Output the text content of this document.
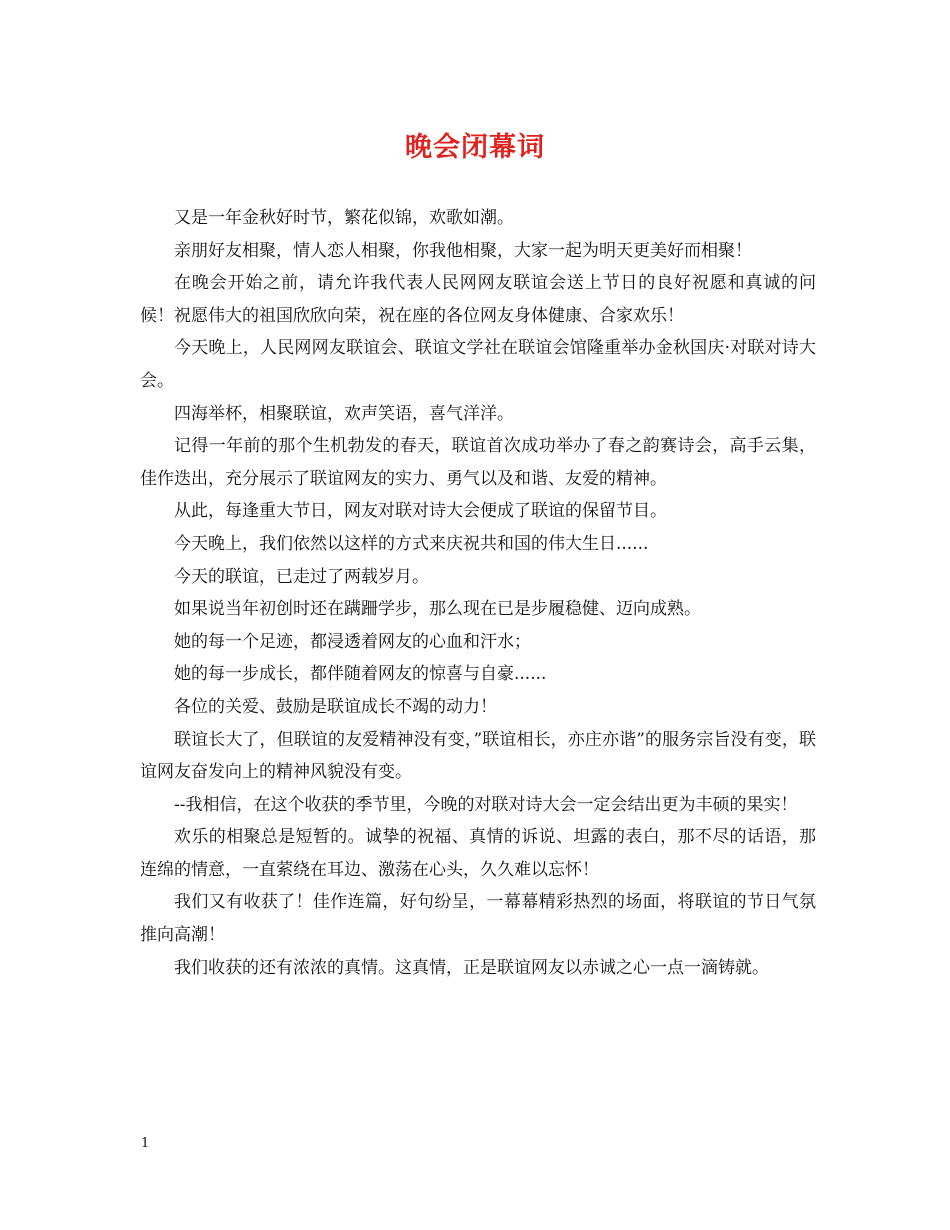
晚会闭幕词

又是一年金秋好时节，繁花似锦，欢歌如潮。

亲朋好友相聚，情人恋人相聚，你我他相聚，大家一起为明天更美好而相聚！

在晚会开始之前，请允许我代表人民网网友联谊会送上节日的良好祝愿和真诚的问候！祝愿伟大的祖国欣欣向荣，祝在座的各位网友身体健康、合家欢乐！

今天晚上，人民网网友联谊会、联谊文学社在联谊会馆隆重举办金秋国庆·对联对诗大会。

四海举杯，相聚联谊，欢声笑语，喜气洋洋。

记得一年前的那个生机勃发的春天，联谊首次成功举办了春之韵赛诗会，高手云集，佳作迭出，充分展示了联谊网友的实力、勇气以及和谐、友爱的精神。

从此，每逢重大节日，网友对联对诗大会便成了联谊的保留节目。

今天晚上，我们依然以这样的方式来庆祝共和国的伟大生日......

今天的联谊，已走过了两载岁月。

如果说当年初创时还在蹒跚学步，那么现在已是步履稳健、迈向成熟。

她的每一个足迹，都浸透着网友的心血和汗水；

她的每一步成长，都伴随着网友的惊喜与自豪......

各位的关爱、鼓励是联谊成长不竭的动力！

联谊长大了，但联谊的友爱精神没有变，”联谊相长，亦庄亦谐”的服务宗旨没有变，联谊网友奋发向上的精神风貌没有变。

--我相信，在这个收获的季节里，今晚的对联对诗大会一定会结出更为丰硕的果实！

欢乐的相聚总是短暂的。诚挚的祝福、真情的诉说、坦露的表白，那不尽的话语，那连绵的情意，一直萦绕在耳边、激荡在心头，久久难以忘怀！

我们又有收获了！佳作连篇，好句纷呈，一幕幕精彩热烈的场面，将联谊的节日气氛推向高潮！

我们收获的还有浓浓的真情。这真情，正是联谊网友以赤诚之心一点一滴铸就。

1
